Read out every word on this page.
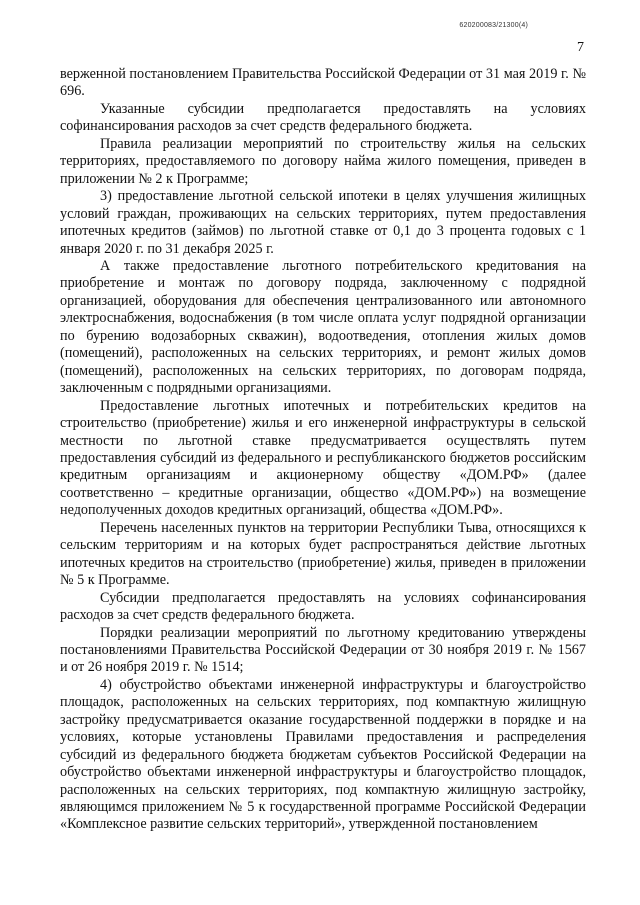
620200083/21300(4)
7

верженной постановлением Правительства Российской Федерации от 31 мая 2019 г. № 696.

Указанные субсидии предполагается предоставлять на условиях софинансирования расходов за счет средств федерального бюджета.

Правила реализации мероприятий по строительству жилья на сельских территориях, предоставляемого по договору найма жилого помещения, приведен в приложении № 2 к Программе;

3) предоставление льготной сельской ипотеки в целях улучшения жилищных условий граждан, проживающих на сельских территориях, путем предоставления ипотечных кредитов (займов) по льготной ставке от 0,1 до 3 процента годовых с 1 января 2020 г. по 31 декабря 2025 г.

А также предоставление льготного потребительского кредитования на приобретение и монтаж по договору подряда, заключенному с подрядной организацией, оборудования для обеспечения централизованного или автономного электроснабжения, водоснабжения (в том числе оплата услуг подрядной организации по бурению водозаборных скважин), водоотведения, отопления жилых домов (помещений), расположенных на сельских территориях, и ремонт жилых домов (помещений), расположенных на сельских территориях, по договорам подряда, заключенным с подрядными организациями.

Предоставление льготных ипотечных и потребительских кредитов на строительство (приобретение) жилья и его инженерной инфраструктуры в сельской местности по льготной ставке предусматривается осуществлять путем предоставления субсидий из федерального и республиканского бюджетов российским кредитным организациям и акционерному обществу «ДОМ.РФ» (далее соответственно – кредитные организации, общество «ДОМ.РФ») на возмещение недополученных доходов кредитных организаций, общества «ДОМ.РФ».

Перечень населенных пунктов на территории Республики Тыва, относящихся к сельским территориям и на которых будет распространяться действие льготных ипотечных кредитов на строительство (приобретение) жилья, приведен в приложении № 5 к Программе.

Субсидии предполагается предоставлять на условиях софинансирования расходов за счет средств федерального бюджета.

Порядки реализации мероприятий по льготному кредитованию утверждены постановлениями Правительства Российской Федерации от 30 ноября 2019 г. № 1567 и от 26 ноября 2019 г. № 1514;

4) обустройство объектами инженерной инфраструктуры и благоустройство площадок, расположенных на сельских территориях, под компактную жилищную застройку предусматривается оказание государственной поддержки в порядке и на условиях, которые установлены Правилами предоставления и распределения субсидий из федерального бюджета бюджетам субъектов Российской Федерации на обустройство объектами инженерной инфраструктуры и благоустройство площадок, расположенных на сельских территориях, под компактную жилищную застройку, являющимся приложением № 5 к государственной программе Российской Федерации «Комплексное развитие сельских территорий», утвержденной постановлением
